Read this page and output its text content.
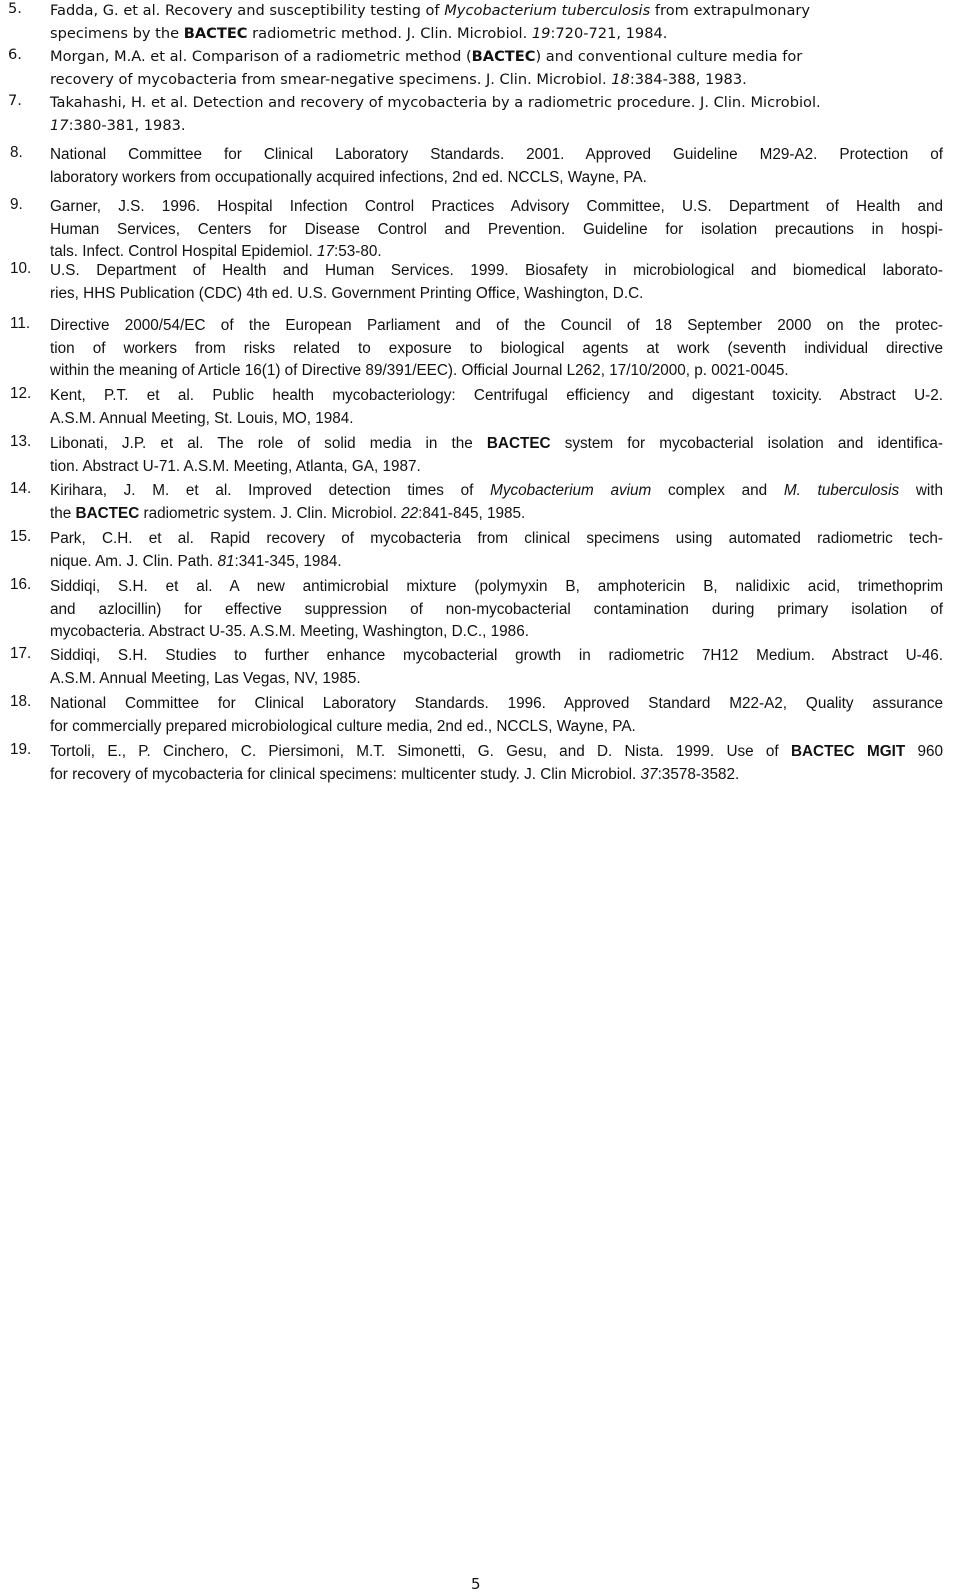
5. Fadda, G. et al. Recovery and susceptibility testing of Mycobacterium tuberculosis from extrapulmonary
specimens by the BACTEC radiometric method. J. Clin. Microbiol. 19:720-721, 1984.
6. Morgan, M.A. et al. Comparison of a radiometric method (BACTEC) and conventional culture media for
recovery of mycobacteria from smear-negative specimens. J. Clin. Microbiol. 18:384-388, 1983.
7. Takahashi, H. et al. Detection and recovery of mycobacteria by a radiometric procedure. J. Clin. Microbiol.
17:380-381, 1983.
8. National Committee for Clinical Laboratory Standards. 2001. Approved Guideline M29-A2. Protection of
laboratory workers from occupationally acquired infections, 2nd ed. NCCLS, Wayne, PA.
9. Garner, J.S. 1996. Hospital Infection Control Practices Advisory Committee, U.S. Department of Health and
Human Services, Centers for Disease Control and Prevention. Guideline for isolation precautions in hospi-
tals. Infect. Control Hospital Epidemiol. 17:53-80.
10. U.S. Department of Health and Human Services. 1999. Biosafety in microbiological and biomedical laborato-
ries, HHS Publication (CDC) 4th ed. U.S. Government Printing Office, Washington, D.C.
11. Directive 2000/54/EC of the European Parliament and of the Council of 18 September 2000 on the protec-
tion of workers from risks related to exposure to biological agents at work (seventh individual directive
within the meaning of Article 16(1) of Directive 89/391/EEC). Official Journal L262, 17/10/2000, p. 0021-0045.
12. Kent, P.T. et al. Public health mycobacteriology: Centrifugal efficiency and digestant toxicity. Abstract U-2.
A.S.M. Annual Meeting, St. Louis, MO, 1984.
13. Libonati, J.P. et al. The role of solid media in the BACTEC system for mycobacterial isolation and identifica-
tion. Abstract U-71. A.S.M. Meeting, Atlanta, GA, 1987.
14. Kirihara, J. M. et al. Improved detection times of Mycobacterium avium complex and M. tuberculosis with
the BACTEC radiometric system. J. Clin. Microbiol. 22:841-845, 1985.
15. Park, C.H. et al. Rapid recovery of mycobacteria from clinical specimens using automated radiometric tech-
nique. Am. J. Clin. Path. 81:341-345, 1984.
16. Siddiqi, S.H. et al. A new antimicrobial mixture (polymyxin B, amphotericin B, nalidixic acid, trimethoprim
and azlocillin) for effective suppression of non-mycobacterial contamination during primary isolation of
mycobacteria. Abstract U-35. A.S.M. Meeting, Washington, D.C., 1986.
17. Siddiqi, S.H. Studies to further enhance mycobacterial growth in radiometric 7H12 Medium. Abstract U-46.
A.S.M. Annual Meeting, Las Vegas, NV, 1985.
18. National Committee for Clinical Laboratory Standards. 1996. Approved Standard M22-A2, Quality assurance
for commercially prepared microbiological culture media, 2nd ed., NCCLS, Wayne, PA.
19. Tortoli, E., P. Cinchero, C. Piersimoni, M.T. Simonetti, G. Gesu, and D. Nista. 1999. Use of BACTEC MGIT 960
for recovery of mycobacteria for clinical specimens: multicenter study. J. Clin Microbiol. 37:3578-3582.
5
